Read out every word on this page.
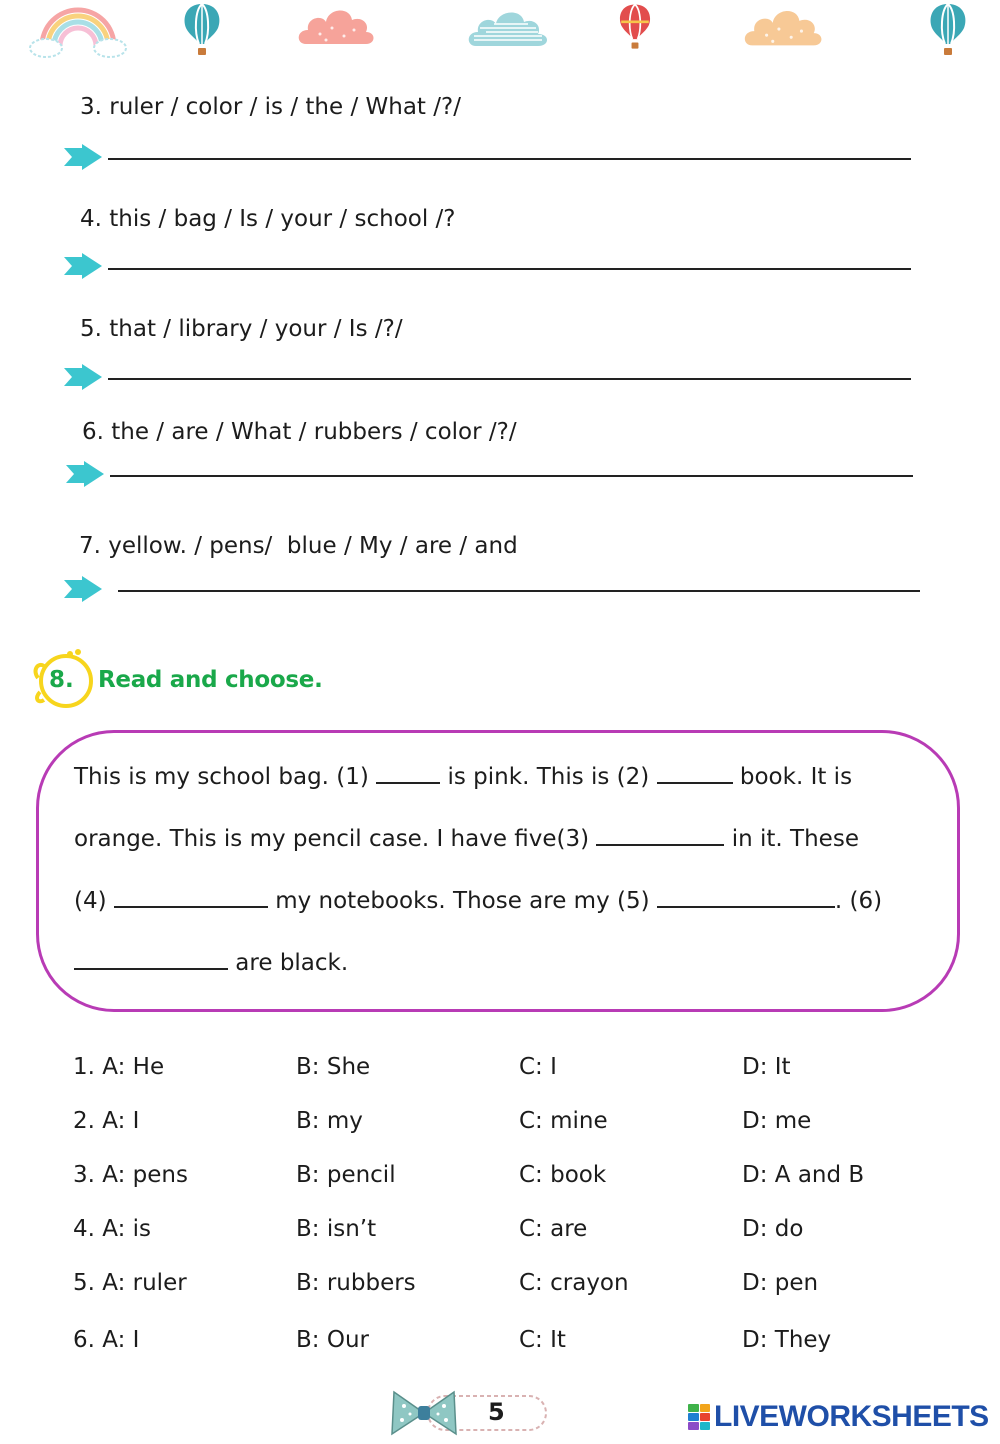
3. ruler / color / is / the / What /?/
4. this / bag / Is / your / school /?
5. that / library / your / Is /?/
6. the / are / What / rubbers / color /?/
7. yellow. / pens/  blue / My / are / and
8. Read and choose.
This is my school bag. (1)	is pink. This is (2)	book. It is
orange. This is my pencil case. I have five(3)	in it. These
(4)	my notebooks. Those are my (5)	. (6)
are black.
1. A: He	B: She	C: I	D: It
2. A: I	B: my	C: mine	D: me
3. A: pens	B: pencil	C: book	D: A and B
4. A: is	B: isn’t	C: are	D: do
5. A: ruler	B: rubbers	C: crayon	D: pen
6. A: I	B: Our	C: It	D: They
5	LIVEWORKSHEETS
